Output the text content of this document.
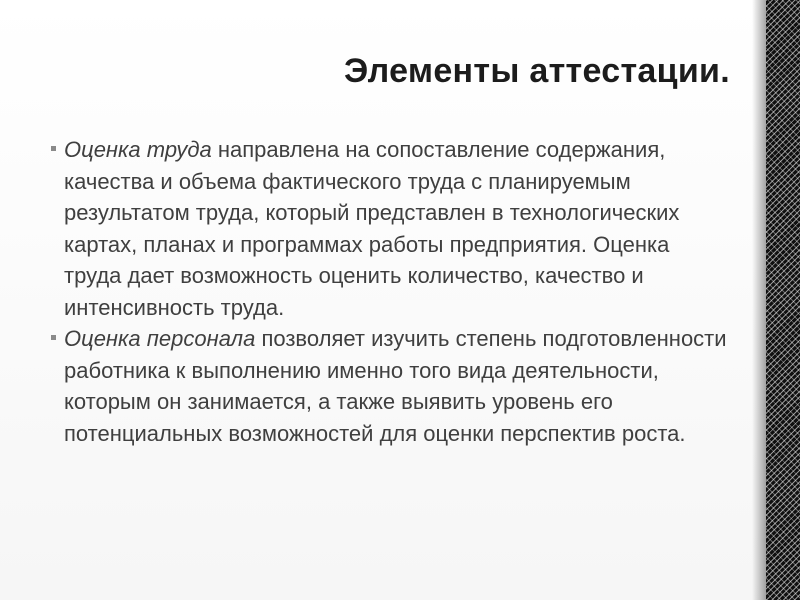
Элементы аттестации.
Оценка труда направлена на сопоставление содержания, качества и объема фактического труда с планируемым результатом труда, который представлен в технологических картах, планах и программах работы предприятия. Оценка труда дает возможность оценить количество, качество и интенсивность труда.
Оценка персонала позволяет изучить степень подготовленности работника к выполнению именно того вида деятельности, которым он занимается, а также выявить уровень его потенциальных возможностей для оценки перспектив роста.
